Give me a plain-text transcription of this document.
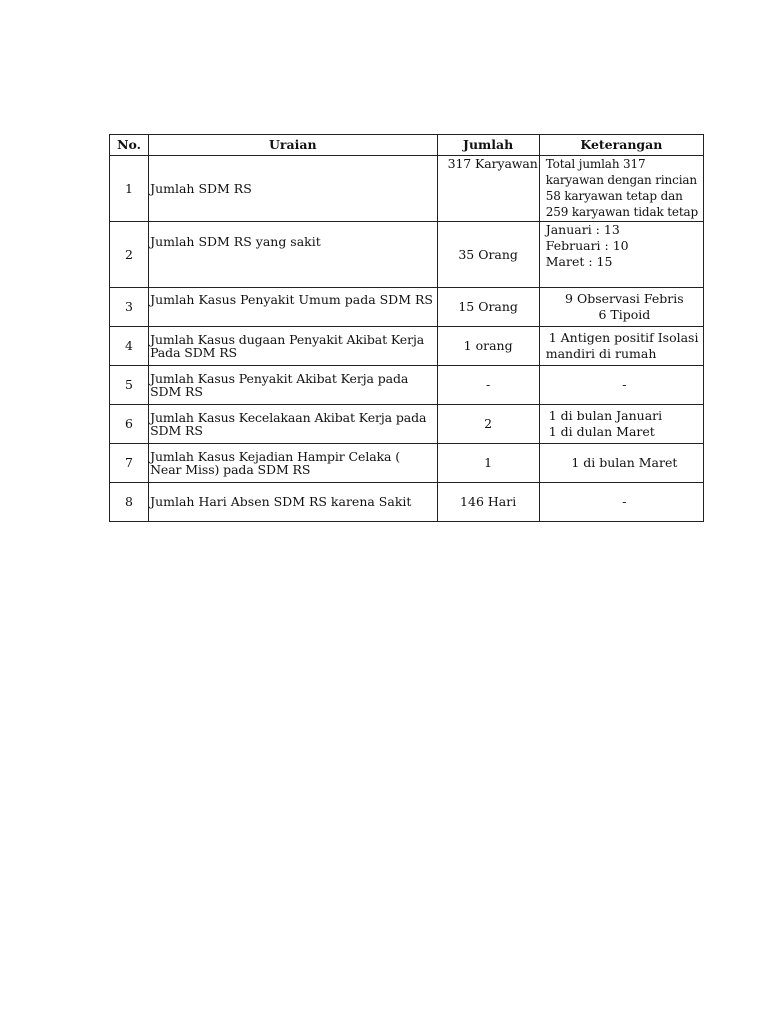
No.	Uraian	Jumlah	Keterangan
1	Jumlah SDM RS	317 Karyawan	Total jumlah 317
karyawan dengan rincian
58 karyawan tetap dan
259 karyawan tidak tetap

2	Jumlah SDM RS yang sakit	35 Orang	Januari : 13
Februari : 10
Maret : 15

3	Jumlah Kasus Penyakit Umum pada SDM RS	15 Orang	9 Observasi Febris
6 Tipoid

4	Jumlah Kasus dugaan Penyakit Akibat Kerja
Pada SDM RS	1 orang	1 Antigen positif Isolasi
mandiri di rumah

5	Jumlah Kasus Penyakit Akibat Kerja pada
SDM RS	-	-
6	Jumlah Kasus Kecelakaan Akibat Kerja pada
SDM RS	2	1 di bulan Januari
1 di dulan Maret

7	Jumlah Kasus Kejadian Hampir Celaka (
Near Miss) pada SDM RS	1	1 di bulan Maret
8	Jumlah Hari Absen SDM RS karena Sakit	146 Hari	-
